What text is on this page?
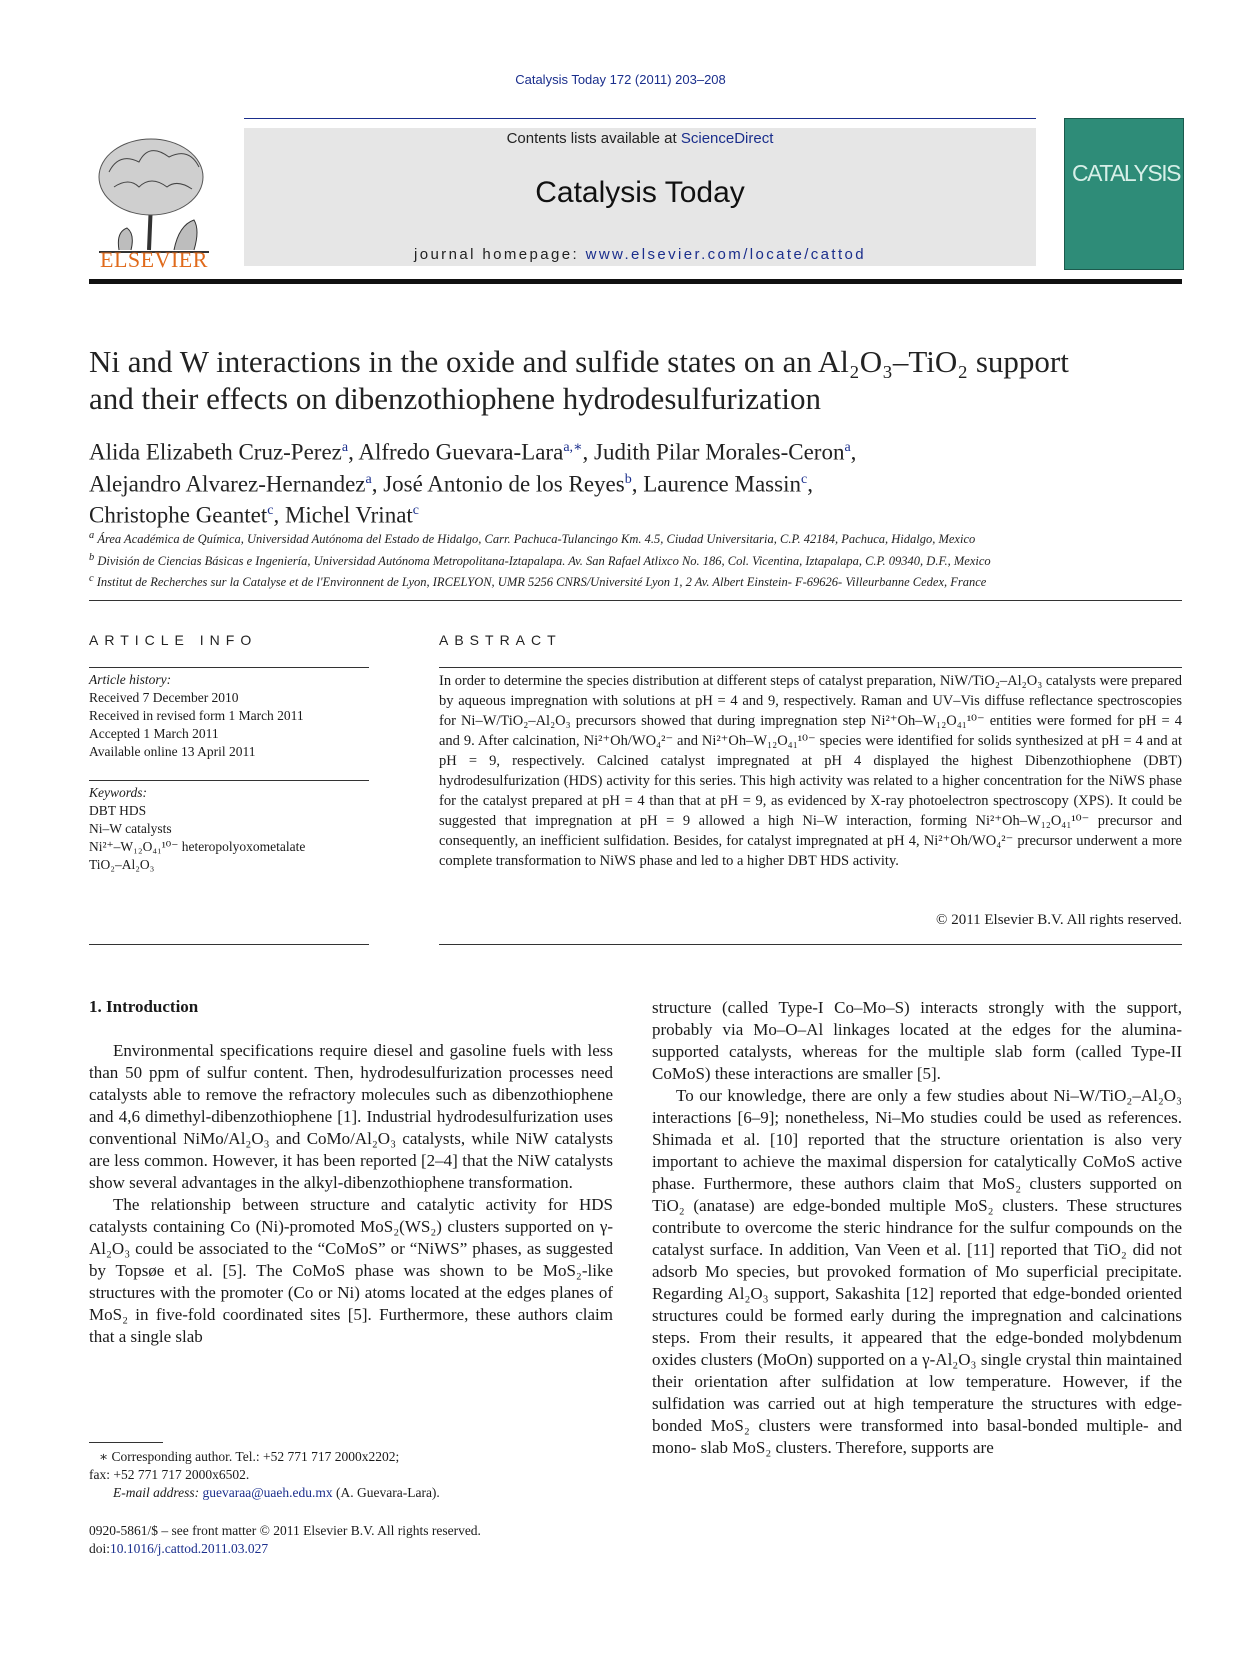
Catalysis Today 172 (2011) 203–208
ELSEVIER
Contents lists available at ScienceDirect
Catalysis Today
journal homepage: www.elsevier.com/locate/cattod
CATALYSIS
Ni and W interactions in the oxide and sulfide states on an Al₂O₃–TiO₂ support
and their effects on dibenzothiophene hydrodesulfurization
Alida Elizabeth Cruz-Perez$^a$, Alfredo Guevara-Lara$^{a,∗}$, Judith Pilar Morales-Ceron$^a$,
Alejandro Alvarez-Hernandez$^a$, José Antonio de los Reyes$^b$, Laurence Massin$^c$,
Christophe Geantet$^c$, Michel Vrinat$^c$
$^a$ Área Académica de Química, Universidad Autónoma del Estado de Hidalgo, Carr. Pachuca-Tulancingo Km. 4.5, Ciudad Universitaria, C.P. 42184, Pachuca, Hidalgo, Mexico
$^b$ División de Ciencias Básicas e Ingeniería, Universidad Autónoma Metropolitana-Iztapalapa. Av. San Rafael Atlixco No. 186, Col. Vicentina, Iztapalapa, C.P. 09340, D.F., Mexico
$^c$ Institut de Recherches sur la Catalyse et de l'Environnent de Lyon, IRCELYON, UMR 5256 CNRS/Université Lyon 1, 2 Av. Albert Einstein- F-69626- Villeurbanne Cedex, France
ARTICLE INFO	ABSTRACT
Article history:
Received 7 December 2010
Received in revised form 1 March 2011
Accepted 1 March 2011
Available online 13 April 2011
Keywords:
DBT HDS
Ni–W catalysts
Ni²⁺–W₁₂O₄₁¹⁰⁻ heteropolyoxometalate
TiO₂–Al₂O₃
In order to determine the species distribution at different steps of catalyst preparation, NiW/TiO₂–Al₂O₃ catalysts were prepared by aqueous impregnation with solutions at pH = 4 and 9, respectively. Raman and UV–Vis diffuse reflectance spectroscopies for Ni–W/TiO₂–Al₂O₃ precursors showed that during impregnation step Ni²⁺Oh–W₁₂O₄₁¹⁰⁻ entities were formed for pH = 4 and 9. After calcination, Ni²⁺Oh/WO₄²⁻ and Ni²⁺Oh–W₁₂O₄₁¹⁰⁻ species were identified for solids synthesized at pH = 4 and at pH = 9, respectively. Calcined catalyst impregnated at pH 4 displayed the highest Dibenzothiophene (DBT) hydrodesulfurization (HDS) activity for this series. This high activity was related to a higher concentration for the NiWS phase for the catalyst prepared at pH = 4 than that at pH = 9, as evidenced by X-ray photoelectron spectroscopy (XPS). It could be suggested that impregnation at pH = 9 allowed a high Ni–W interaction, forming Ni²⁺Oh–W₁₂O₄₁¹⁰⁻ precursor and consequently, an inefficient sulfidation. Besides, for catalyst impregnated at pH 4, Ni²⁺Oh/WO₄²⁻ precursor underwent a more complete transformation to NiWS phase and led to a higher DBT HDS activity.
© 2011 Elsevier B.V. All rights reserved.
1. Introduction

Environmental specifications require diesel and gasoline fuels with less than 50 ppm of sulfur content. Then, hydrodesulfurization processes need catalysts able to remove the refractory molecules such as dibenzothiophene and 4,6 dimethyl-dibenzothiophene [1]. Industrial hydrodesulfurization uses conventional NiMo/Al₂O₃ and CoMo/Al₂O₃ catalysts, while NiW catalysts are less common. However, it has been reported [2–4] that the NiW catalysts show several advantages in the alkyl-dibenzothiophene transformation.

The relationship between structure and catalytic activity for HDS catalysts containing Co (Ni)-promoted MoS₂(WS₂) clusters supported on γ-Al₂O₃ could be associated to the “CoMoS” or “NiWS” phases, as suggested by Topsøe et al. [5]. The CoMoS phase was shown to be MoS₂-like structures with the promoter (Co or Ni) atoms located at the edges planes of MoS₂ in five-fold coordinated sites [5]. Furthermore, these authors claim that a single slab

structure (called Type-I Co–Mo–S) interacts strongly with the support, probably via Mo–O–Al linkages located at the edges for the alumina-supported catalysts, whereas for the multiple slab form (called Type-II CoMoS) these interactions are smaller [5].

To our knowledge, there are only a few studies about Ni–W/TiO₂–Al₂O₃ interactions [6–9]; nonetheless, Ni–Mo studies could be used as references. Shimada et al. [10] reported that the structure orientation is also very important to achieve the maximal dispersion for catalytically CoMoS active phase. Furthermore, these authors claim that MoS₂ clusters supported on TiO₂ (anatase) are edge-bonded multiple MoS₂ clusters. These structures contribute to overcome the steric hindrance for the sulfur compounds on the catalyst surface. In addition, Van Veen et al. [11] reported that TiO₂ did not adsorb Mo species, but provoked formation of Mo superficial precipitate. Regarding Al₂O₃ support, Sakashita [12] reported that edge-bonded oriented structures could be formed early during the impregnation and calcinations steps. From their results, it appeared that the edge-bonded molybdenum oxides clusters (MoOn) supported on a γ-Al₂O₃ single crystal thin maintained their orientation after sulfidation at low temperature. However, if the sulfidation was carried out at high temperature the structures with edge-bonded MoS₂ clusters were transformed into basal-bonded multiple- and mono- slab MoS₂ clusters. Therefore, supports are

∗ Corresponding author. Tel.: +52 771 717 2000x2202;
fax: +52 771 717 2000x6502.
E-mail address: guevaraa@uaeh.edu.mx (A. Guevara-Lara).
0920-5861/$ – see front matter © 2011 Elsevier B.V. All rights reserved.
doi:10.1016/j.cattod.2011.03.027
